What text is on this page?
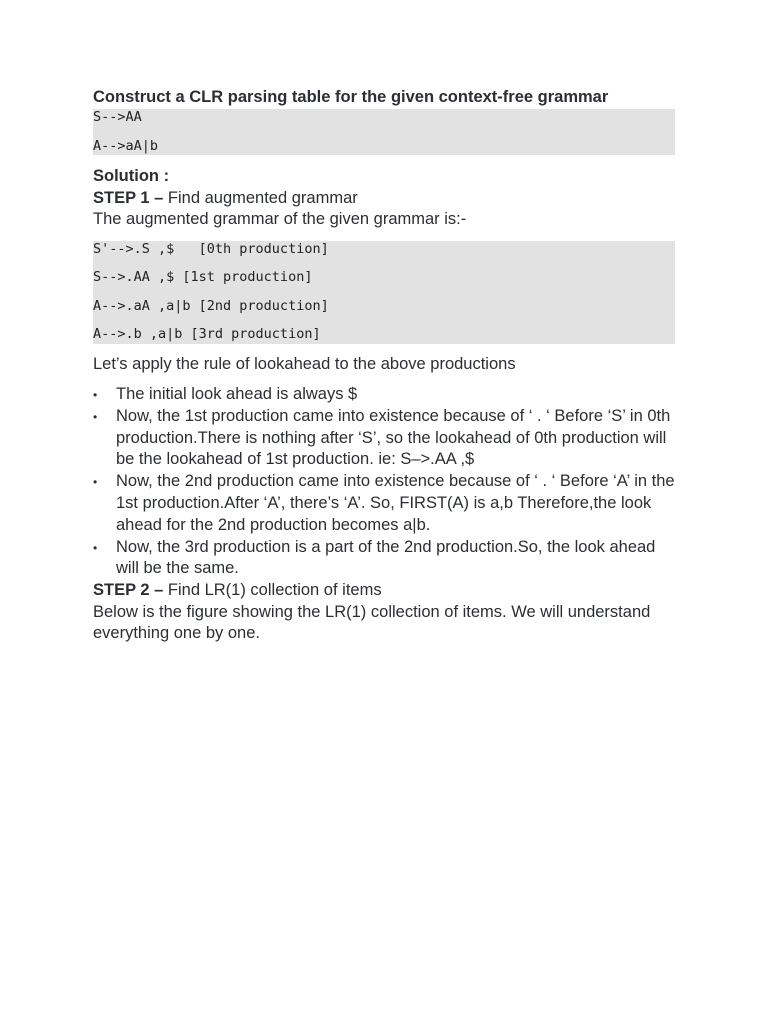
Construct a CLR parsing table for the given context-free grammar

S-->AA
A-->aA|b

Solution :

STEP 1 – Find augmented grammar

The augmented grammar of the given grammar is:-

S'-->.S ,$   [0th production]
S-->.AA ,$ [1st production]
A-->.aA ,a|b [2nd production]
A-->.b ,a|b [3rd production]

Let’s apply the rule of lookahead to the above productions

• The initial look ahead is always $
• Now, the 1st production came into existence because of ‘ . ‘ Before ‘S’ in 0th production.There is nothing after ‘S’, so the lookahead of 0th production will be the lookahead of 1st production. ie: S–>.AA ,$
• Now, the 2nd production came into existence because of ‘ . ‘ Before ‘A’ in the 1st production.After ‘A’, there’s ‘A’. So, FIRST(A) is a,b Therefore,the look ahead for the 2nd production becomes a|b.
• Now, the 3rd production is a part of the 2nd production.So, the look ahead will be the same.

STEP 2 – Find LR(1) collection of items

Below is the figure showing the LR(1) collection of items. We will understand everything one by one.
